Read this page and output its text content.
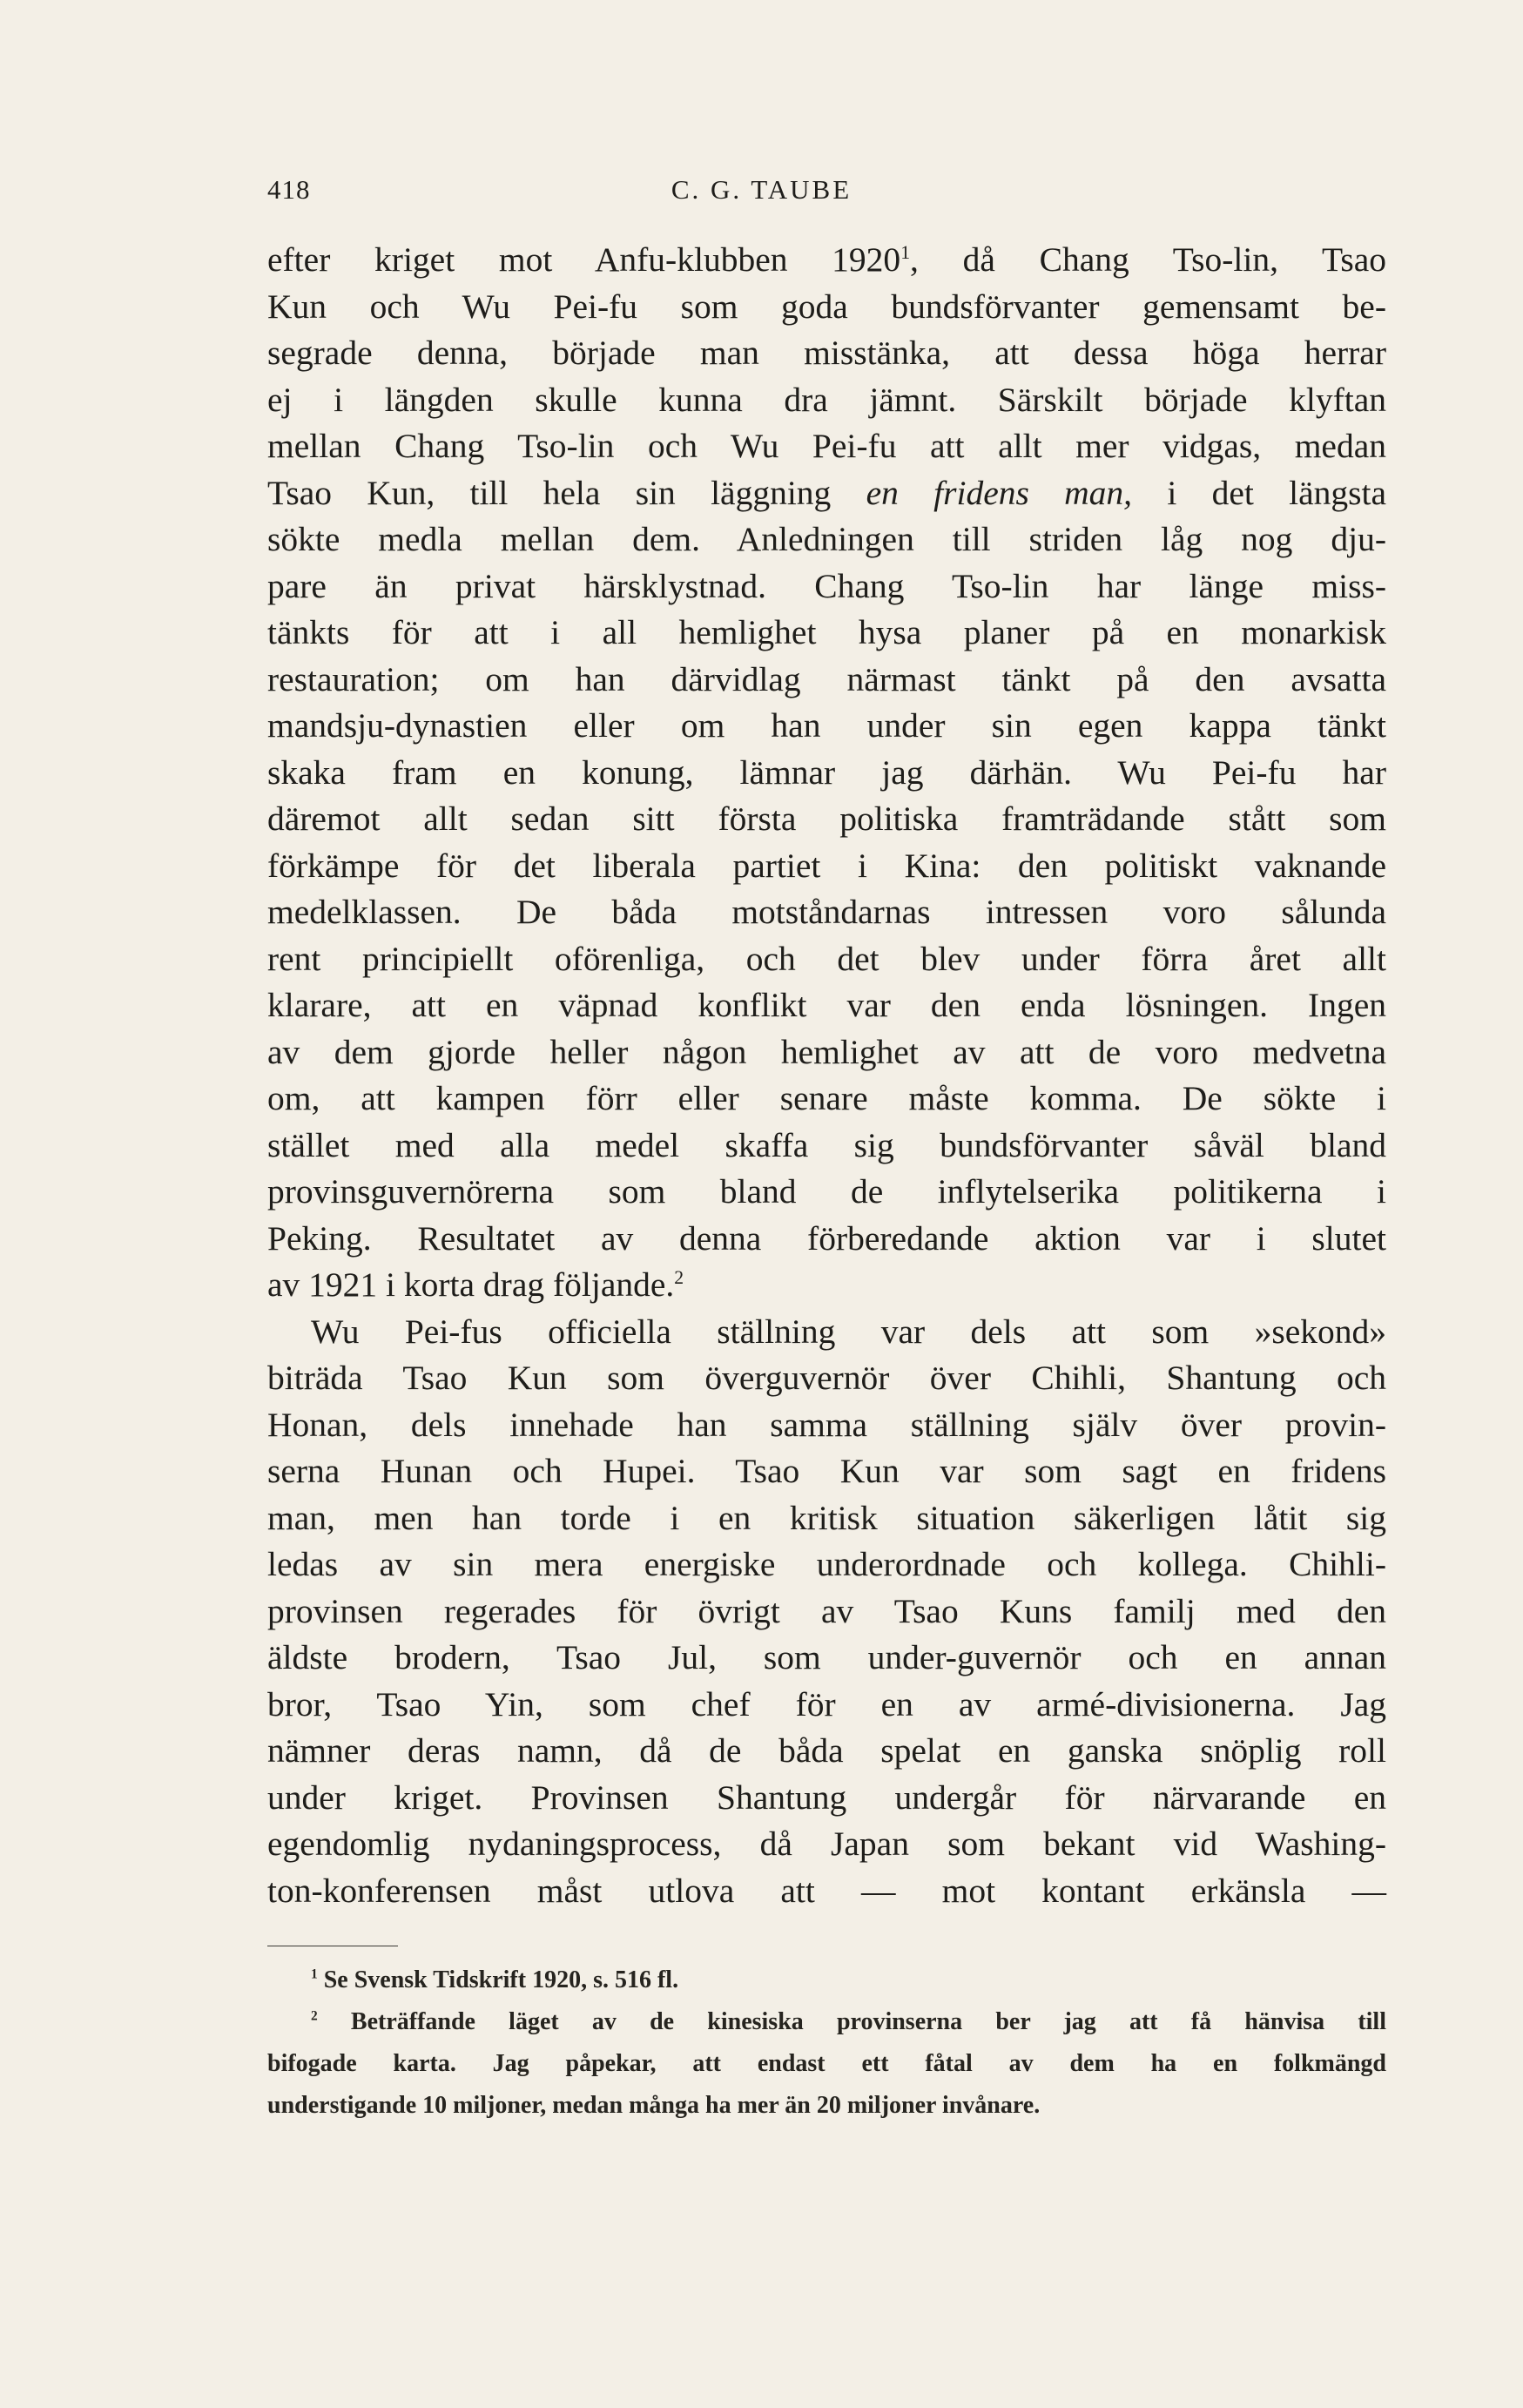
418	C. G. TAUBE
efter kriget mot Anfu-klubben 1920$^1$, då Chang Tso-lin, Tsao
Kun och Wu Pei-fu som goda bundsförvanter gemensamt be-
segrade denna, började man misstänka, att dessa höga herrar
ej i längden skulle kunna dra jämnt. Särskilt började klyftan
mellan Chang Tso-lin och Wu Pei-fu att allt mer vidgas, medan
Tsao Kun, till hela sin läggning en fridens man, i det längsta
sökte medla mellan dem. Anledningen till striden låg nog dju-
pare än privat härsklystnad. Chang Tso-lin har länge miss-
tänkts för att i all hemlighet hysa planer på en monarkisk
restauration; om han därvidlag närmast tänkt på den avsatta
mandsju-dynastien eller om han under sin egen kappa tänkt
skaka fram en konung, lämnar jag därhän. Wu Pei-fu har
däremot allt sedan sitt första politiska framträdande stått som
förkämpe för det liberala partiet i Kina: den politiskt vaknande
medelklassen. De båda motståndarnas intressen voro sålunda
rent principiellt oförenliga, och det blev under förra året allt
klarare, att en väpnad konflikt var den enda lösningen. Ingen
av dem gjorde heller någon hemlighet av att de voro medvetna
om, att kampen förr eller senare måste komma. De sökte i
stället med alla medel skaffa sig bundsförvanter såväl bland
provinsguvernörerna som bland de inflytelserika politikerna i
Peking. Resultatet av denna förberedande aktion var i slutet
av 1921 i korta drag följande.$^2$
Wu Pei-fus officiella ställning var dels att som »sekond»
biträda Tsao Kun som överguvernör över Chihli, Shantung och
Honan, dels innehade han samma ställning själv över provin-
serna Hunan och Hupei. Tsao Kun var som sagt en fridens
man, men han torde i en kritisk situation säkerligen låtit sig
ledas av sin mera energiske underordnade och kollega. Chihli-
provinsen regerades för övrigt av Tsao Kuns familj med den
äldste brodern, Tsao Jul, som under-guvernör och en annan
bror, Tsao Yin, som chef för en av armé-divisionerna. Jag
nämner deras namn, då de båda spelat en ganska snöplig roll
under kriget. Provinsen Shantung undergår för närvarande en
egendomlig nydaningsprocess, då Japan som bekant vid Washing-
ton-konferensen måst utlova att — mot kontant erkänsla —
$^1$ Se Svensk Tidskrift 1920, s. 516 fl.
$^2$ Beträffande läget av de kinesiska provinserna ber jag att få hänvisa till
bifogade karta. Jag påpekar, att endast ett fåtal av dem ha en folkmängd
understigande 10 miljoner, medan många ha mer än 20 miljoner invånare.
